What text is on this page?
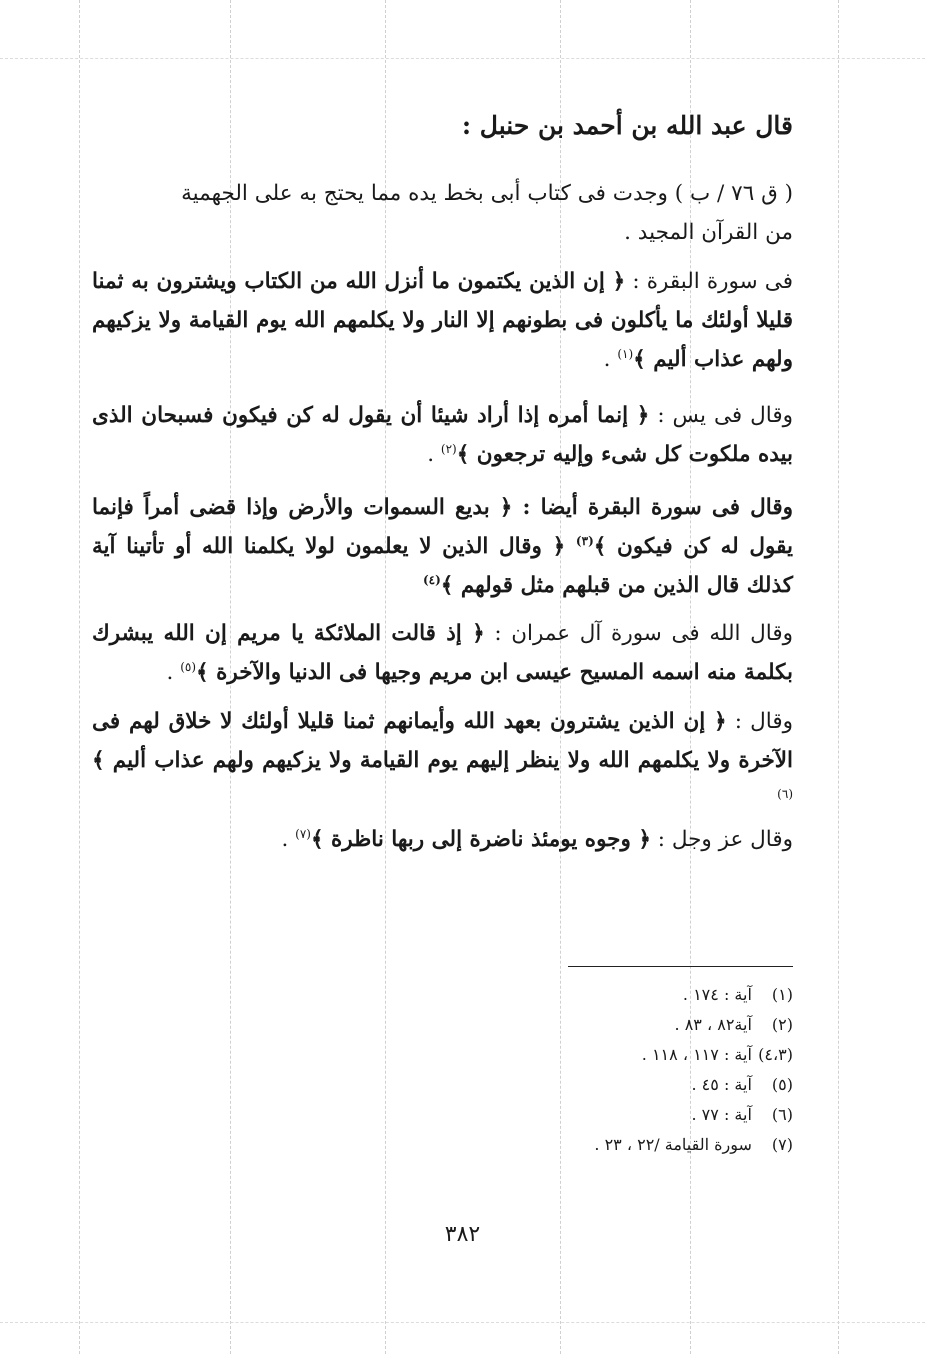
قال عبد الله بن أحمد بن حنبل :

( ق ٧٦ / ب ) وجدت فى كتاب أبى بخط يده مما يحتج به على الجهمية
من القرآن المجيد .

فى سورة البقرة : ﴿ إن الذين يكتمون ما أنزل الله من الكتاب ويشترون به ثمنا قليلا أولئك ما يأكلون فى بطونهم إلا النار ولا يكلمهم الله يوم القيامة ولا يزكيهم ولهم عذاب أليم ﴾$^{(١)}$ .

وقال فى يس : ﴿ إنما أمره إذا أراد شيئا أن يقول له كن فيكون فسبحان الذى بيده ملكوت كل شىء وإليه ترجعون ﴾$^{(٢)}$ .

وقال فى سورة البقرة أيضا : ﴿ بديع السموات والأرض وإذا قضى أمراً فإنما يقول له كن فيكون ﴾$^{(٣)}$ ﴿ وقال الذين لا يعلمون لولا يكلمنا الله أو تأتينا آية كذلك قال الذين من قبلهم مثل قولهم ﴾$^{(٤)}$

وقال الله فى سورة آل عمران : ﴿ إذ قالت الملائكة يا مريم إن الله يبشرك بكلمة منه اسمه المسيح عيسى ابن مريم وجيها فى الدنيا والآخرة ﴾$^{(٥)}$ .

وقال : ﴿ إن الذين يشترون بعهد الله وأيمانهم ثمنا قليلا أولئك لا خلاق لهم فى الآخرة ولا يكلمهم الله ولا ينظر إليهم يوم القيامة ولا يزكيهم ولهم عذاب أليم ﴾$^{(٦)}$

وقال عز وجل : ﴿ وجوه يومئذ ناضرة إلى ربها ناظرة ﴾$^{(٧)}$ .

(١) آية : ١٧٤ .
(٢) آية٨٢ ، ٨٣ .
(٤،٣) آية : ١١٧ ، ١١٨ .
(٥) آية : ٤٥ .
(٦) آية : ٧٧ .
(٧) سورة القيامة /٢٢ ، ٢٣ .
٣٨٢
